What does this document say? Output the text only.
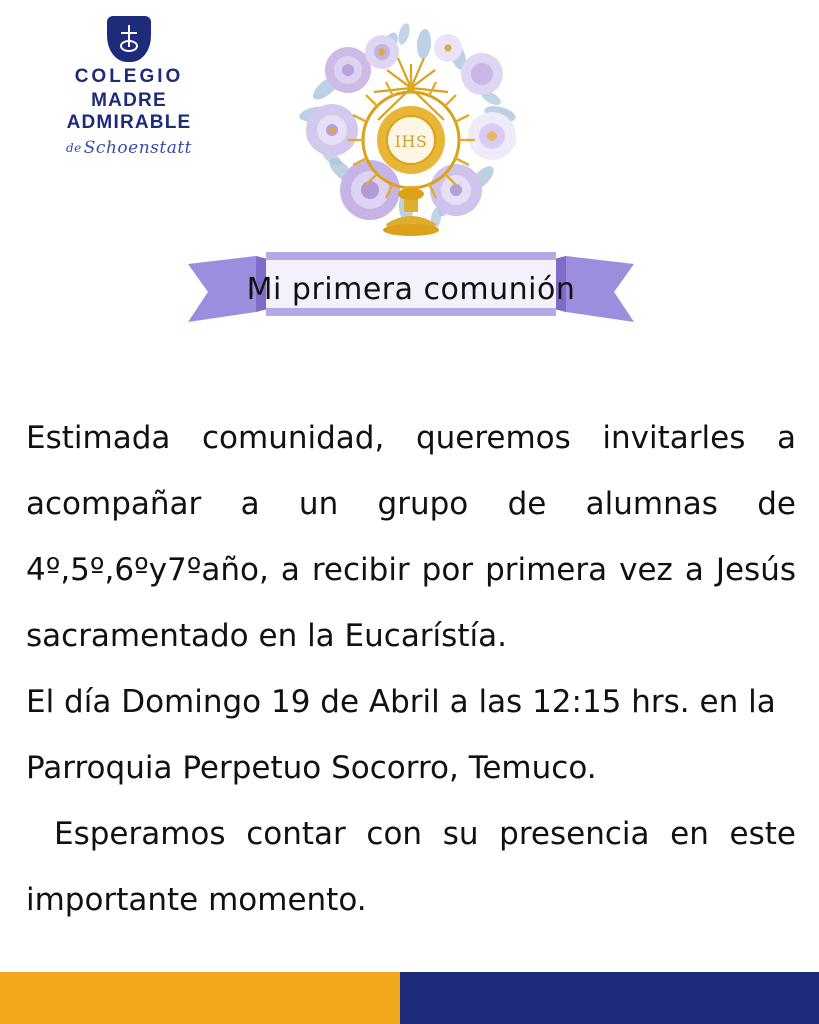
COLEGIO
MADRE ADMIRABLE
de Schoenstatt	IHS
Mi primera comunión
Estimada comunidad, queremos invitarles a acompañar a un grupo de alumnas de 4º,5º,6ºy7ºaño, a recibir por primera vez a Jesús sacramentado en la Eucarístía.
El día Domingo 19 de Abril a las 12:15 hrs. en la Parroquia Perpetuo Socorro, Temuco.
Esperamos contar con su presencia en este importante momento.
